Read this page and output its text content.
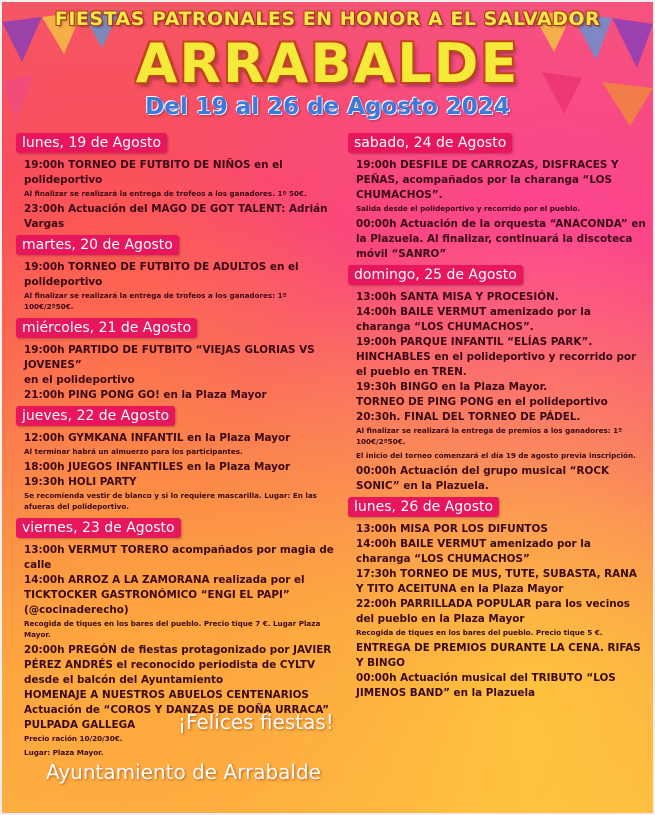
FIESTAS PATRONALES EN HONOR A EL SALVADOR
ARRABALDE
Del 19 al 26 de Agosto 2024
lunes, 19 de Agosto
19:00h TORNEO DE FUTBITO DE NIÑOS en el polideportivo
Al finalizar se realizará la entrega de trofeos a los ganadores. 1º 50€.
23:00h Actuación del MAGO DE GOT TALENT: Adrián Vargas
martes, 20 de Agosto
19:00h TORNEO DE FUTBITO DE ADULTOS en el polideportivo
Al finalizar se realizará la entrega de trofeos a los ganadores: 1º 100€/2º50€.
miércoles, 21 de Agosto
19:00h PARTIDO DE FUTBITO “VIEJAS GLORIAS VS JOVENES”
en el polideportivo
21:00h PING PONG GO! en la Plaza Mayor
jueves, 22 de Agosto
12:00h GYMKANA INFANTIL en la Plaza Mayor
Al terminar habrá un almuerzo para los participantes.
18:00h JUEGOS INFANTILES en la Plaza Mayor
19:30h HOLI PARTY
Se recomienda vestir de blanco y si lo requiere mascarilla. Lugar: En las afueras del polideportivo.
viernes, 23 de Agosto
13:00h VERMUT TORERO acompañados por magia de calle
14:00h ARROZ A LA ZAMORANA realizada por el TICKTOCKER GASTRONÓMICO “ENGI EL PAPI” (@cocinaderecho)
Recogida de tiques en los bares del pueblo. Precio tique 7 €. Lugar Plaza Mayor.
20:00h PREGÓN de fiestas protagonizado por JAVIER PÉREZ ANDRÉS el reconocido periodista de CYLTV desde el balcón del Ayuntamiento
HOMENAJE A NUESTROS ABUELOS CENTENARIOS
Actuación de “COROS Y DANZAS DE DOÑA URRACA”
PULPADA GALLEGA
Precio ración 10/20/30€.
Lugar: Plaza Mayor.
sabado, 24 de Agosto
19:00h DESFILE DE CARROZAS, DISFRACES Y PEÑAS, acompañados por la charanga “LOS CHUMACHOS”.
Salida desde el polideportivo y recorrido por el pueblo.
00:00h Actuación de la orquesta “ANACONDA” en la Plazuela. Al finalizar, continuará la discoteca móvil “SANRO”
domingo, 25 de Agosto
13:00h SANTA MISA Y PROCESIÓN.
14:00h BAILE VERMUT amenizado por la charanga “LOS CHUMACHOS”.
19:00h PARQUE INFANTIL “ELÍAS PARK”. HINCHABLES en el polideportivo y recorrido por el pueblo en TREN.
19:30h BINGO en la Plaza Mayor.
TORNEO DE PING PONG en el polideportivo
20:30h. FINAL DEL TORNEO DE PÁDEL.
Al finalizar se realizará la entrega de premios a los ganadores: 1º 100€/2º50€.
El inicio del torneo comenzará el día 19 de agosto previa inscripción.
00:00h Actuación del grupo musical “ROCK SONIC” en la Plazuela.
lunes, 26 de Agosto
13:00h MISA POR LOS DIFUNTOS
14:00h BAILE VERMUT amenizado por la charanga “LOS CHUMACHOS”
17:30h TORNEO DE MUS, TUTE, SUBASTA, RANA Y TITO ACEITUNA en la Plaza Mayor
22:00h PARRILLADA POPULAR para los vecinos del pueblo en la Plaza Mayor
Recogida de tiques en los bares del pueblo. Precio tique 5 €.
ENTREGA DE PREMIOS DURANTE LA CENA. RIFAS Y BINGO
00:00h Actuación musical del TRIBUTO “LOS JIMENOS BAND” en la Plazuela
¡Felices fiestas!
Ayuntamiento de Arrabalde
